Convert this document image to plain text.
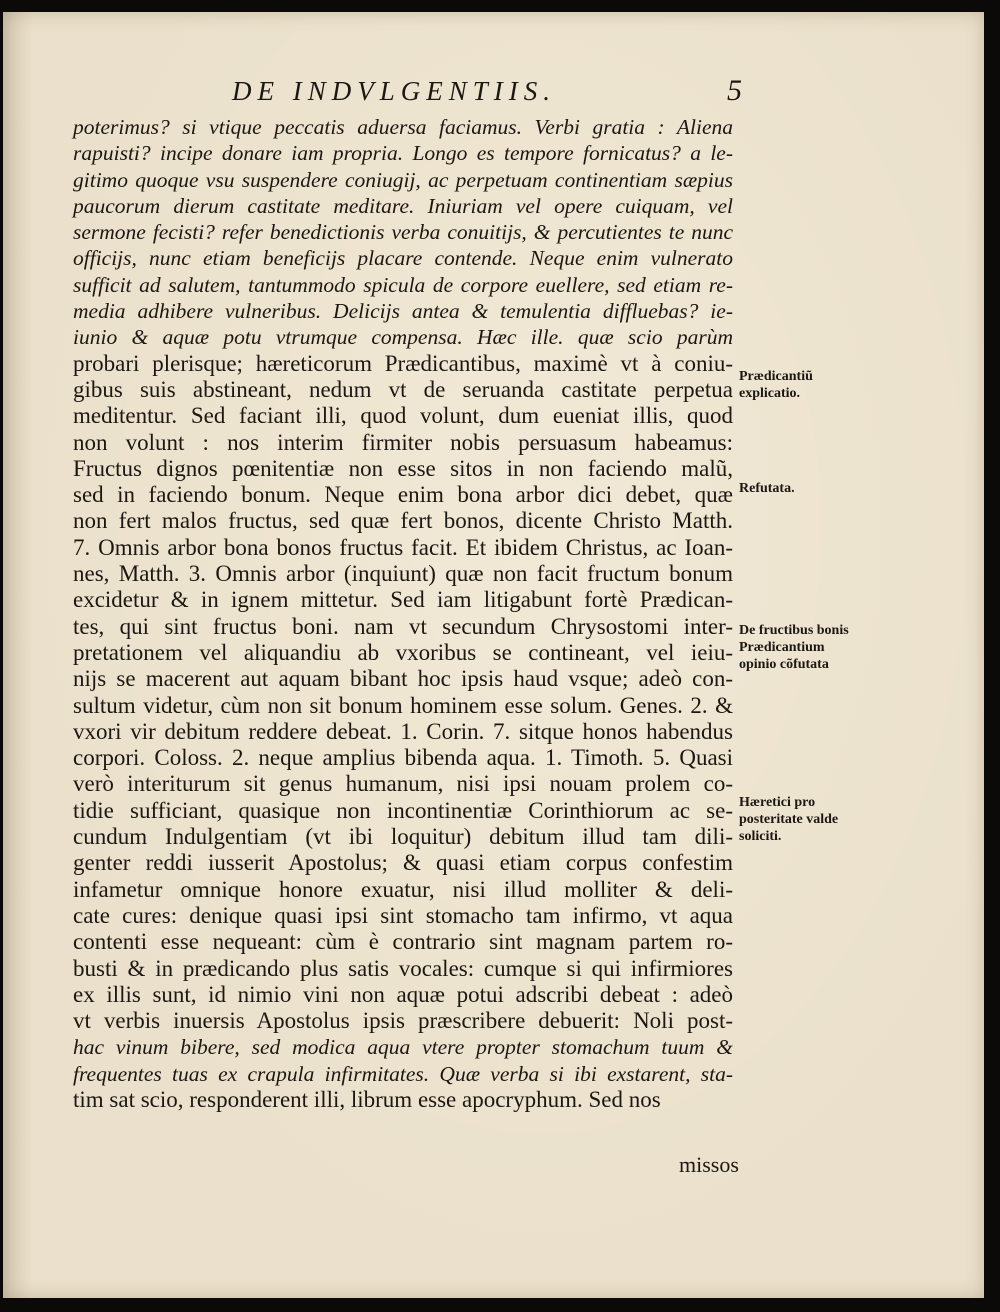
DE INDVLGENTIIS.	5
poterimus? si vtique peccatis aduersa faciamus. Verbi gratia : Aliena
rapuisti? incipe donare iam propria. Longo es tempore fornicatus? a le-
gitimo quoque vsu suspendere coniugij, ac perpetuam continentiam sæpius
paucorum dierum castitate meditare. Iniuriam vel opere cuiquam, vel
sermone fecisti? refer benedictionis verba conuitijs, & percutientes te nunc
officijs, nunc etiam beneficijs placare contende. Neque enim vulnerato
sufficit ad salutem, tantummodo spicula de corpore euellere, sed etiam re-
media adhibere vulneribus. Delicijs antea & temulentia diffluebas? ie-
iunio & aquæ potu vtrumque compensa. Hæc ille. quæ scio parùm
probari plerisque; hæreticorum Prædicantibus, maximè vt à coniu-
gibus suis abstineant, nedum vt de seruanda castitate perpetua
meditentur. Sed faciant illi, quod volunt, dum eueniat illis, quod
non volunt : nos interim firmiter nobis persuasum habeamus:
Fructus dignos pœnitentiæ non esse sitos in non faciendo malũ,
sed in faciendo bonum. Neque enim bona arbor dici debet, quæ
non fert malos fructus, sed quæ fert bonos, dicente Christo Matth.
7. Omnis arbor bona bonos fructus facit. Et ibidem Christus, ac Ioan-
nes, Matth. 3. Omnis arbor (inquiunt) quæ non facit fructum bonum
excidetur & in ignem mittetur. Sed iam litigabunt fortè Prædican-
tes, qui sint fructus boni. nam vt secundum Chrysostomi inter-
pretationem vel aliquandiu ab vxoribus se contineant, vel ieiu-
nijs se macerent aut aquam bibant hoc ipsis haud vsque; adeò con-
sultum videtur, cùm non sit bonum hominem esse solum. Genes. 2. &
vxori vir debitum reddere debeat. 1. Corin. 7. sitque honos habendus
corpori. Coloss. 2. neque amplius bibenda aqua. 1. Timoth. 5. Quasi
verò interiturum sit genus humanum, nisi ipsi nouam prolem co-
tidie sufficiant, quasique non incontinentiæ Corinthiorum ac se-
cundum Indulgentiam (vt ibi loquitur) debitum illud tam dili-
genter reddi iusserit Apostolus; & quasi etiam corpus confestim
infametur omnique honore exuatur, nisi illud molliter & deli-
cate cures: denique quasi ipsi sint stomacho tam infirmo, vt aqua
contenti esse nequeant: cùm è contrario sint magnam partem ro-
busti & in prædicando plus satis vocales: cumque si qui infirmiores
ex illis sunt, id nimio vini non aquæ potui adscribi debeat : adeò
vt verbis inuersis Apostolus ipsis præscribere debuerit: Noli post-
hac vinum bibere, sed modica aqua vtere propter stomachum tuum &
frequentes tuas ex crapula infirmitates. Quæ verba si ibi exstarent, sta-
tim sat scio, responderent illi, librum esse apocryphum. Sed nos
missos
Prædicantiũ explicatio.
Refutata.
De fructibus bonis Prædicantium opinio cõfutata
Hæretici pro posteritate valde soliciti.
